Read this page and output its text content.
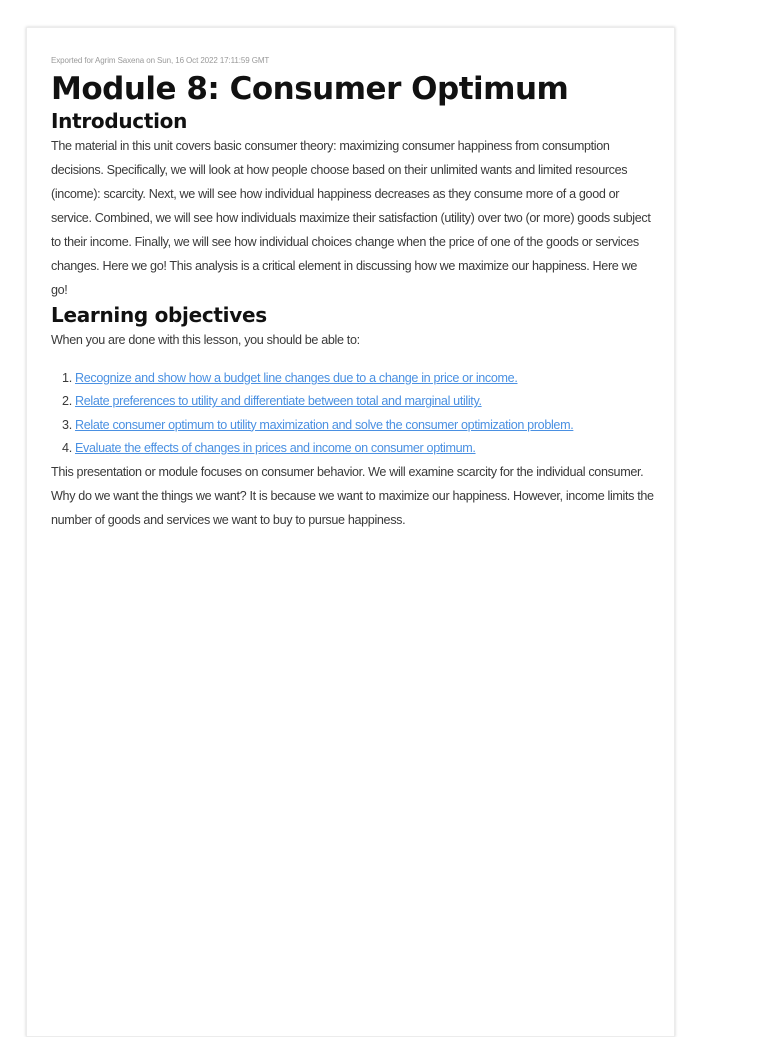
Exported for Agrim Saxena on Sun, 16 Oct 2022 17:11:59 GMT

Module 8: Consumer Optimum
Introduction

The material in this unit covers basic consumer theory: maximizing consumer happiness from consumption decisions. Specifically, we will look at how people choose based on their unlimited wants and limited resources (income): scarcity. Next, we will see how individual happiness decreases as they consume more of a good or service. Combined, we will see how individuals maximize their satisfaction (utility) over two (or more) goods subject to their income. Finally, we will see how individual choices change when the price of one of the goods or services changes. Here we go! This analysis is a critical element in discussing how we maximize our happiness. Here we go!

Learning objectives

When you are done with this lesson, you should be able to:

1. Recognize and show how a budget line changes due to a change in price or income.
2. Relate preferences to utility and differentiate between total and marginal utility.
3. Relate consumer optimum to utility maximization and solve the consumer optimization problem.
4. Evaluate the effects of changes in prices and income on consumer optimum.

This presentation or module focuses on consumer behavior. We will examine scarcity for the individual consumer. Why do we want the things we want? It is because we want to maximize our happiness. However, income limits the number of goods and services we want to buy to pursue happiness.
